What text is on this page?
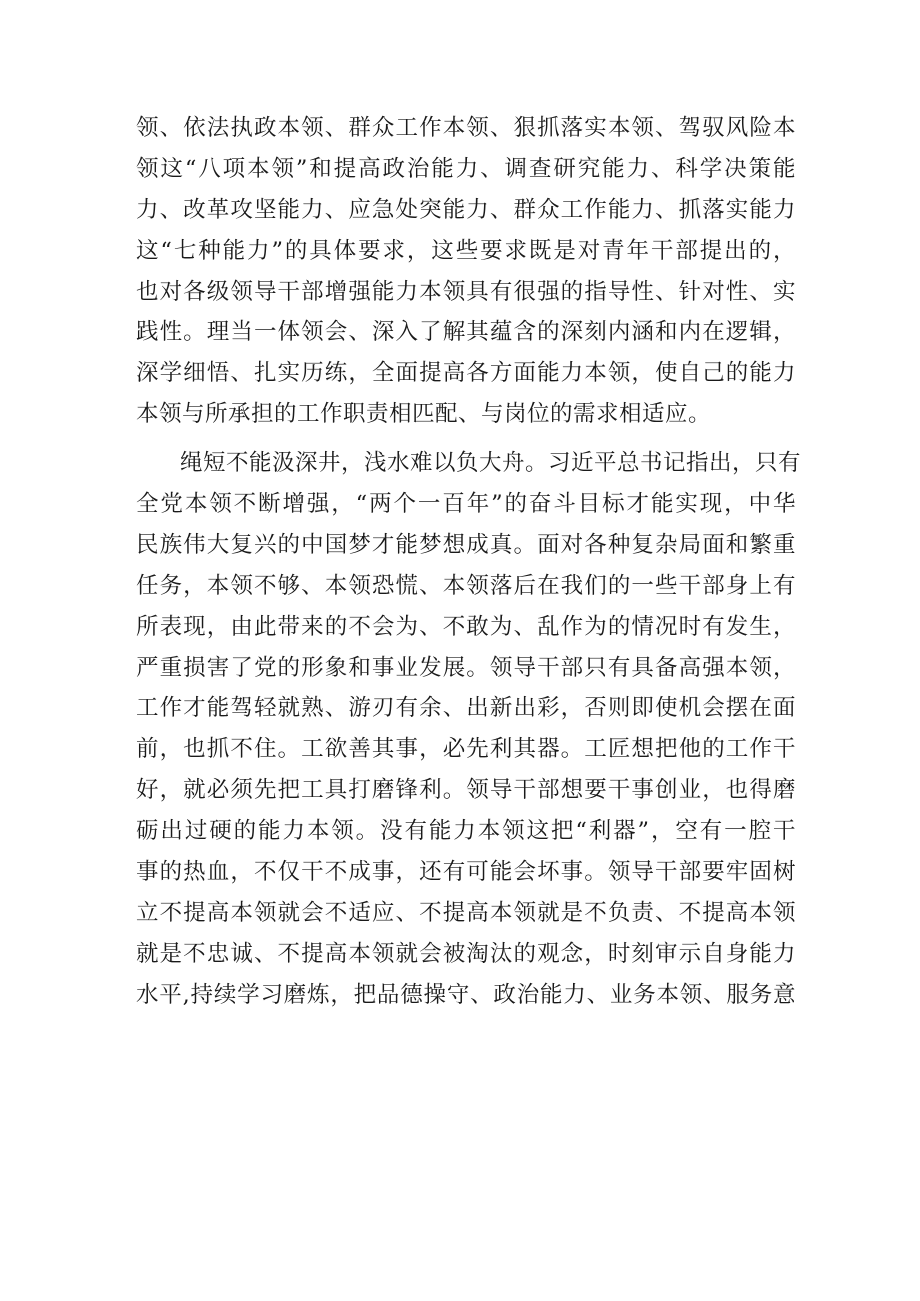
领、依法执政本领、群众工作本领、狠抓落实本领、驾驭风险本
领这“八项本领”和提高政治能力、调查研究能力、科学决策能
力、改革攻坚能力、应急处突能力、群众工作能力、抓落实能力
这“七种能力”的具体要求，这些要求既是对青年干部提出的，
也对各级领导干部增强能力本领具有很强的指导性、针对性、实
践性。理当一体领会、深入了解其蕴含的深刻内涵和内在逻辑，
深学细悟、扎实历练，全面提高各方面能力本领，使自己的能力
本领与所承担的工作职责相匹配、与岗位的需求相适应。

绳短不能汲深井，浅水难以负大舟。习近平总书记指出，只有
全党本领不断增强，“两个一百年”的奋斗目标才能实现，中华
民族伟大复兴的中国梦才能梦想成真。面对各种复杂局面和繁重
任务，本领不够、本领恐慌、本领落后在我们的一些干部身上有
所表现，由此带来的不会为、不敢为、乱作为的情况时有发生，
严重损害了党的形象和事业发展。领导干部只有具备高强本领，
工作才能驾轻就熟、游刃有余、出新出彩，否则即使机会摆在面
前，也抓不住。工欲善其事，必先利其器。工匠想把他的工作干
好，就必须先把工具打磨锋利。领导干部想要干事创业，也得磨
砺出过硬的能力本领。没有能力本领这把“利器”，空有一腔干
事的热血，不仅干不成事，还有可能会坏事。领导干部要牢固树
立不提高本领就会不适应、不提高本领就是不负责、不提高本领
就是不忠诚、不提高本领就会被淘汰的观念，时刻审示自身能力
水平,持续学习磨炼，把品德操守、政治能力、业务本领、服务意
